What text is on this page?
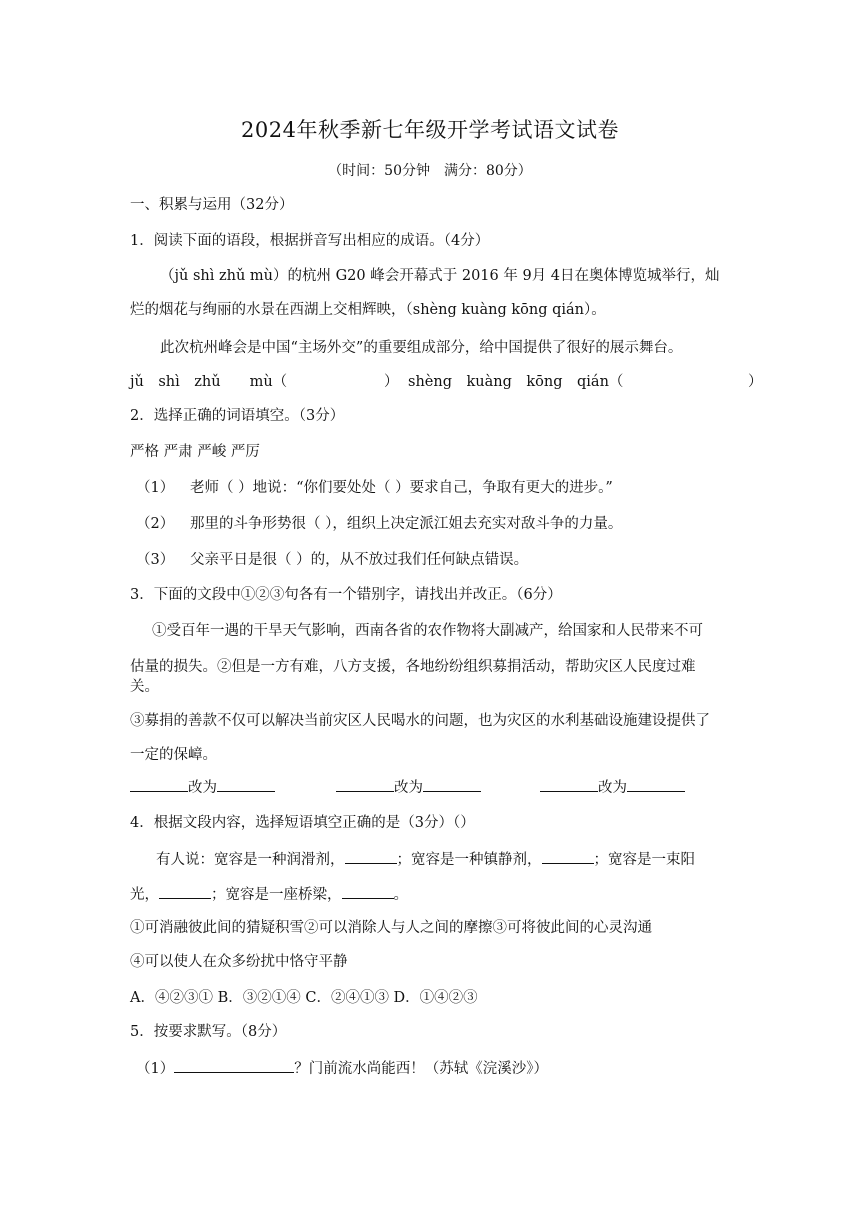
2024年秋季新七年级开学考试语文试卷
（时间：50分钟　满分：80分）
一、积累与运用（32分）
1．阅读下面的语段，根据拼音写出相应的成语。（4分）
（jǔ shì zhǔ mù）的杭州 G20 峰会开幕式于 2016 年 9月 4日在奥体博览城举行，灿
烂的烟花与绚丽的水景在西湖上交相辉映，（shèng kuàng kōng qián）。
此次杭州峰会是中国“主场外交”的重要组成部分，给中国提供了很好的展示舞台。
jǔ　shì　zhǔ　　mù（	） shèng　kuàng　kōng　qián（	）
2．选择正确的词语填空。（3分）
严格 严肃 严峻 严厉
（1） 老师（ ）地说：“你们要处处（ ）要求自己，争取有更大的进步。”
（2） 那里的斗争形势很（ ），组织上决定派江姐去充实对敌斗争的力量。
（3） 父亲平日是很（ ）的，从不放过我们任何缺点错误。
3．下面的文段中①②③句各有一个错别字，请找出并改正。（6分）
①受百年一遇的干旱天气影响，西南各省的农作物将大副减产，给国家和人民带来不可
估量的损失。②但是一方有难，八方支援，各地纷纷组织募捐活动，帮助灾区人民度过难
关。
③募捐的善款不仅可以解决当前灾区人民喝水的问题，也为灾区的水利基础设施建设提供了
一定的保嶂。
改为	改为	改为
4．根据文段内容，选择短语填空正确的是（3分）（）
有人说：宽容是一种润滑剂，	；宽容是一种镇静剂，	；宽容是一束阳
光，	；宽容是一座桥梁，	。
①可消融彼此间的猜疑积雪②可以消除人与人之间的摩擦③可将彼此间的心灵沟通
④可以使人在众多纷扰中恪守平静
A．④②③① B．③②①④ C．②④①③ D．①④②③
5．按要求默写。（8分）
（1）	？门前流水尚能西！（苏轼《浣溪沙》）
